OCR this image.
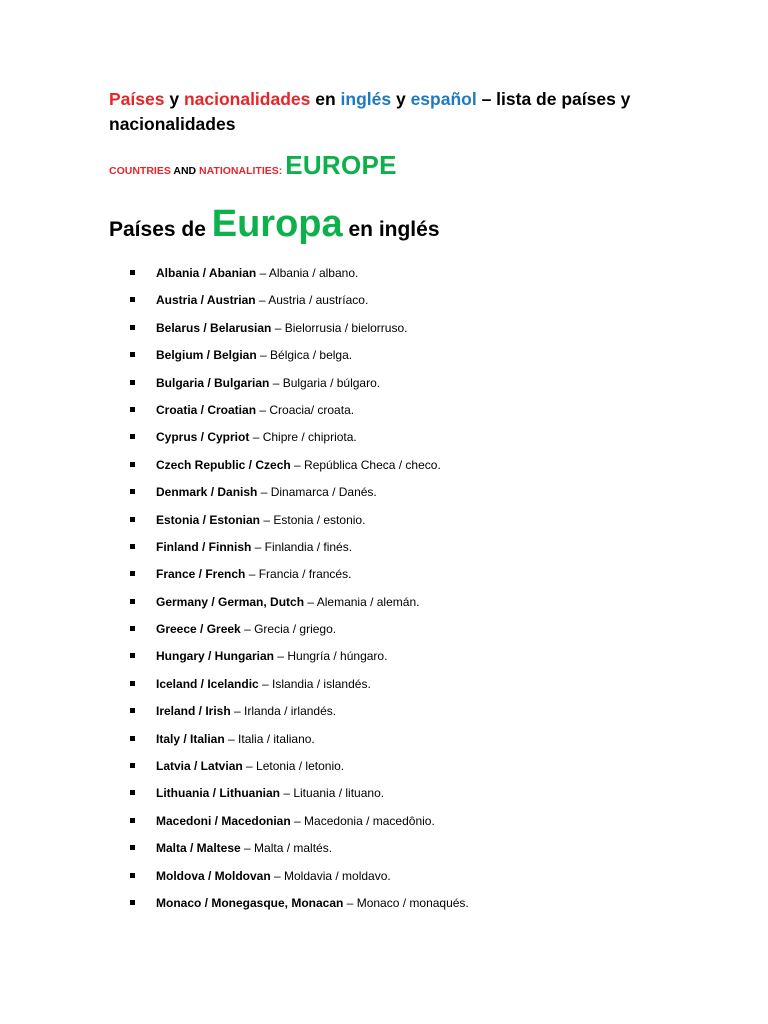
Países y nacionalidades en inglés y español – lista de países y nacionalidades

COUNTRIES AND NATIONALITIES: EUROPE

Países de Europa en inglés
Albania / Abanian – Albania / albano.
Austria / Austrian – Austria / austríaco.
Belarus / Belarusian – Bielorrusia / bielorruso.
Belgium / Belgian – Bélgica / belga.
Bulgaria / Bulgarian – Bulgaria / búlgaro.
Croatia / Croatian – Croacia/ croata.
Cyprus / Cypriot – Chipre / chipriota.
Czech Republic / Czech – República Checa / checo.
Denmark / Danish – Dinamarca / Danés.
Estonia / Estonian – Estonia / estonio.
Finland / Finnish – Finlandia / finés.
France / French – Francia / francés.
Germany / German, Dutch – Alemania / alemán.
Greece / Greek – Grecia / griego.
Hungary / Hungarian – Hungría / húngaro.
Iceland / Icelandic – Islandia / islandés.
Ireland / Irish – Irlanda / irlandés.
Italy / Italian – Italia / italiano.
Latvia / Latvian – Letonia / letonio.
Lithuania / Lithuanian – Lituania / lituano.
Macedoni / Macedonian – Macedonia / macedônio.
Malta / Maltese – Malta / maltés.
Moldova / Moldovan – Moldavia / moldavo.
Monaco / Monegasque, Monacan – Monaco / monaqués.
